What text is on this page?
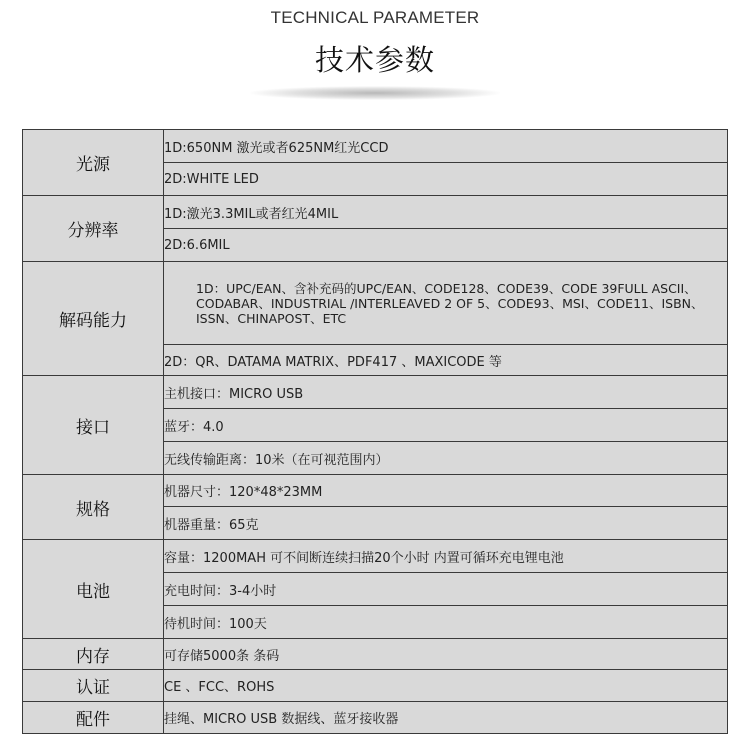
TECHNICAL PARAMETER
技术参数
光源	1D:650NM 激光或者625NM红光CCD
	2D:WHITE LED
分辨率	1D:激光3.3MIL或者红光4MIL
	2D:6.6MIL
解码能力	1D：UPC/EAN、含补充码的UPC/EAN、CODE128、CODE39、CODE 39FULL ASCII、CODABAR、INDUSTRIAL /INTERLEAVED 2 OF 5、CODE93、MSI、CODE11、ISBN、ISSN、CHINAPOST、ETC
	2D：QR、DATAMA MATRIX、PDF417 、MAXICODE 等
接口	主机接口：MICRO USB
	蓝牙：4.0
	无线传输距离：10米（在可视范围内）
规格	机器尺寸：120*48*23MM
	机器重量：65克
电池	容量：1200MAH 可不间断连续扫描20个小时 内置可循环充电锂电池
	充电时间：3-4小时
	待机时间：100天
内存	可存储5000条 条码
认证	CE 、FCC、ROHS
配件	挂绳、MICRO USB 数据线、蓝牙接收器
